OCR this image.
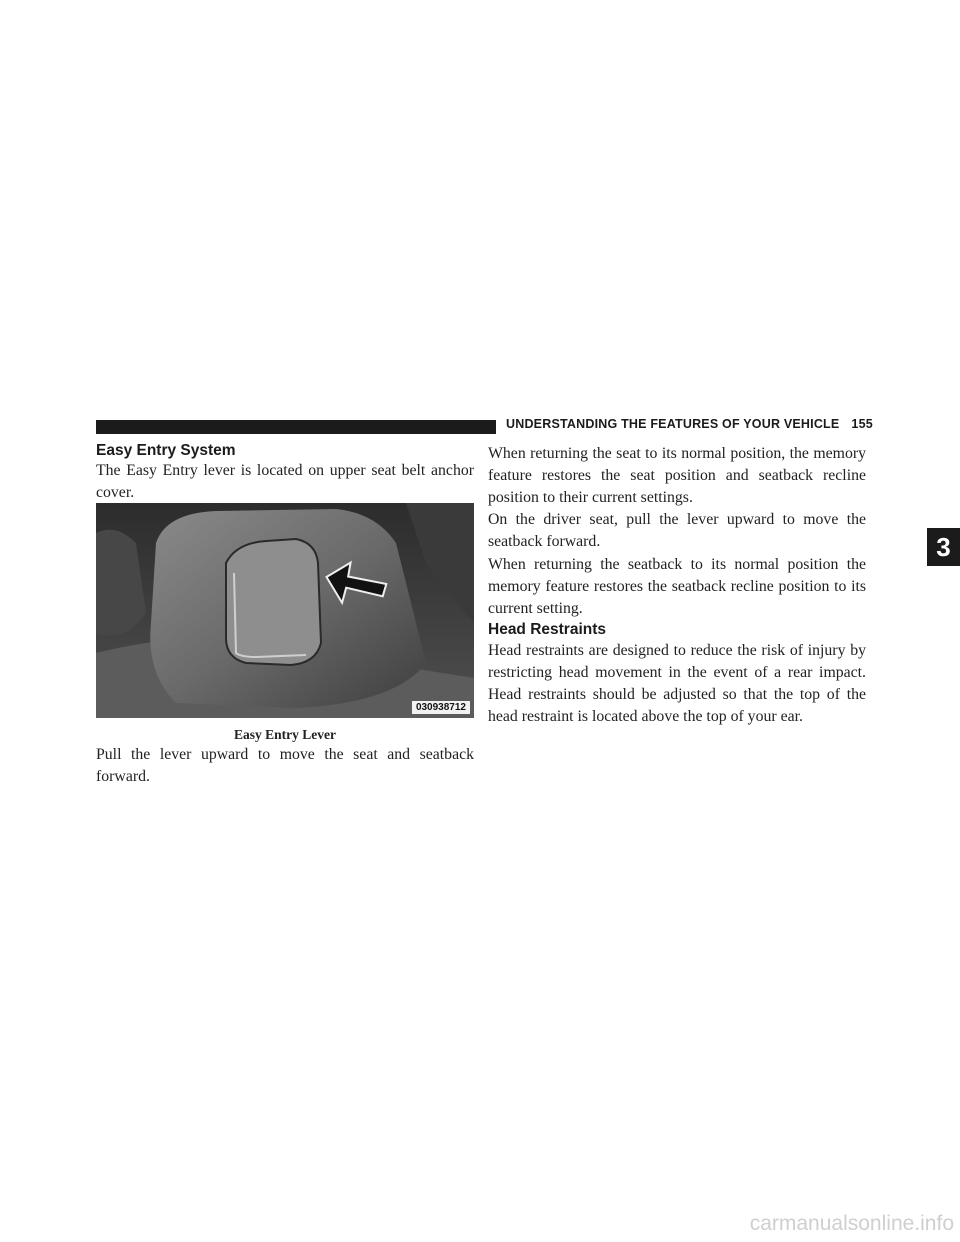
UNDERSTANDING THE FEATURES OF YOUR VEHICLE 155
Easy Entry System

The Easy Entry lever is located on upper seat belt anchor cover.

030938712
Easy Entry Lever

Pull the lever upward to move the seat and seatback forward.

When returning the seat to its normal position, the memory feature restores the seat position and seatback recline position to their current settings.

On the driver seat, pull the lever upward to move the seatback forward.

When returning the seatback to its normal position the memory feature restores the seatback recline position to its current setting.

Head Restraints

Head restraints are designed to reduce the risk of injury by restricting head movement in the event of a rear impact. Head restraints should be adjusted so that the top of the head restraint is located above the top of your ear.

3
carmanualsonline.info
